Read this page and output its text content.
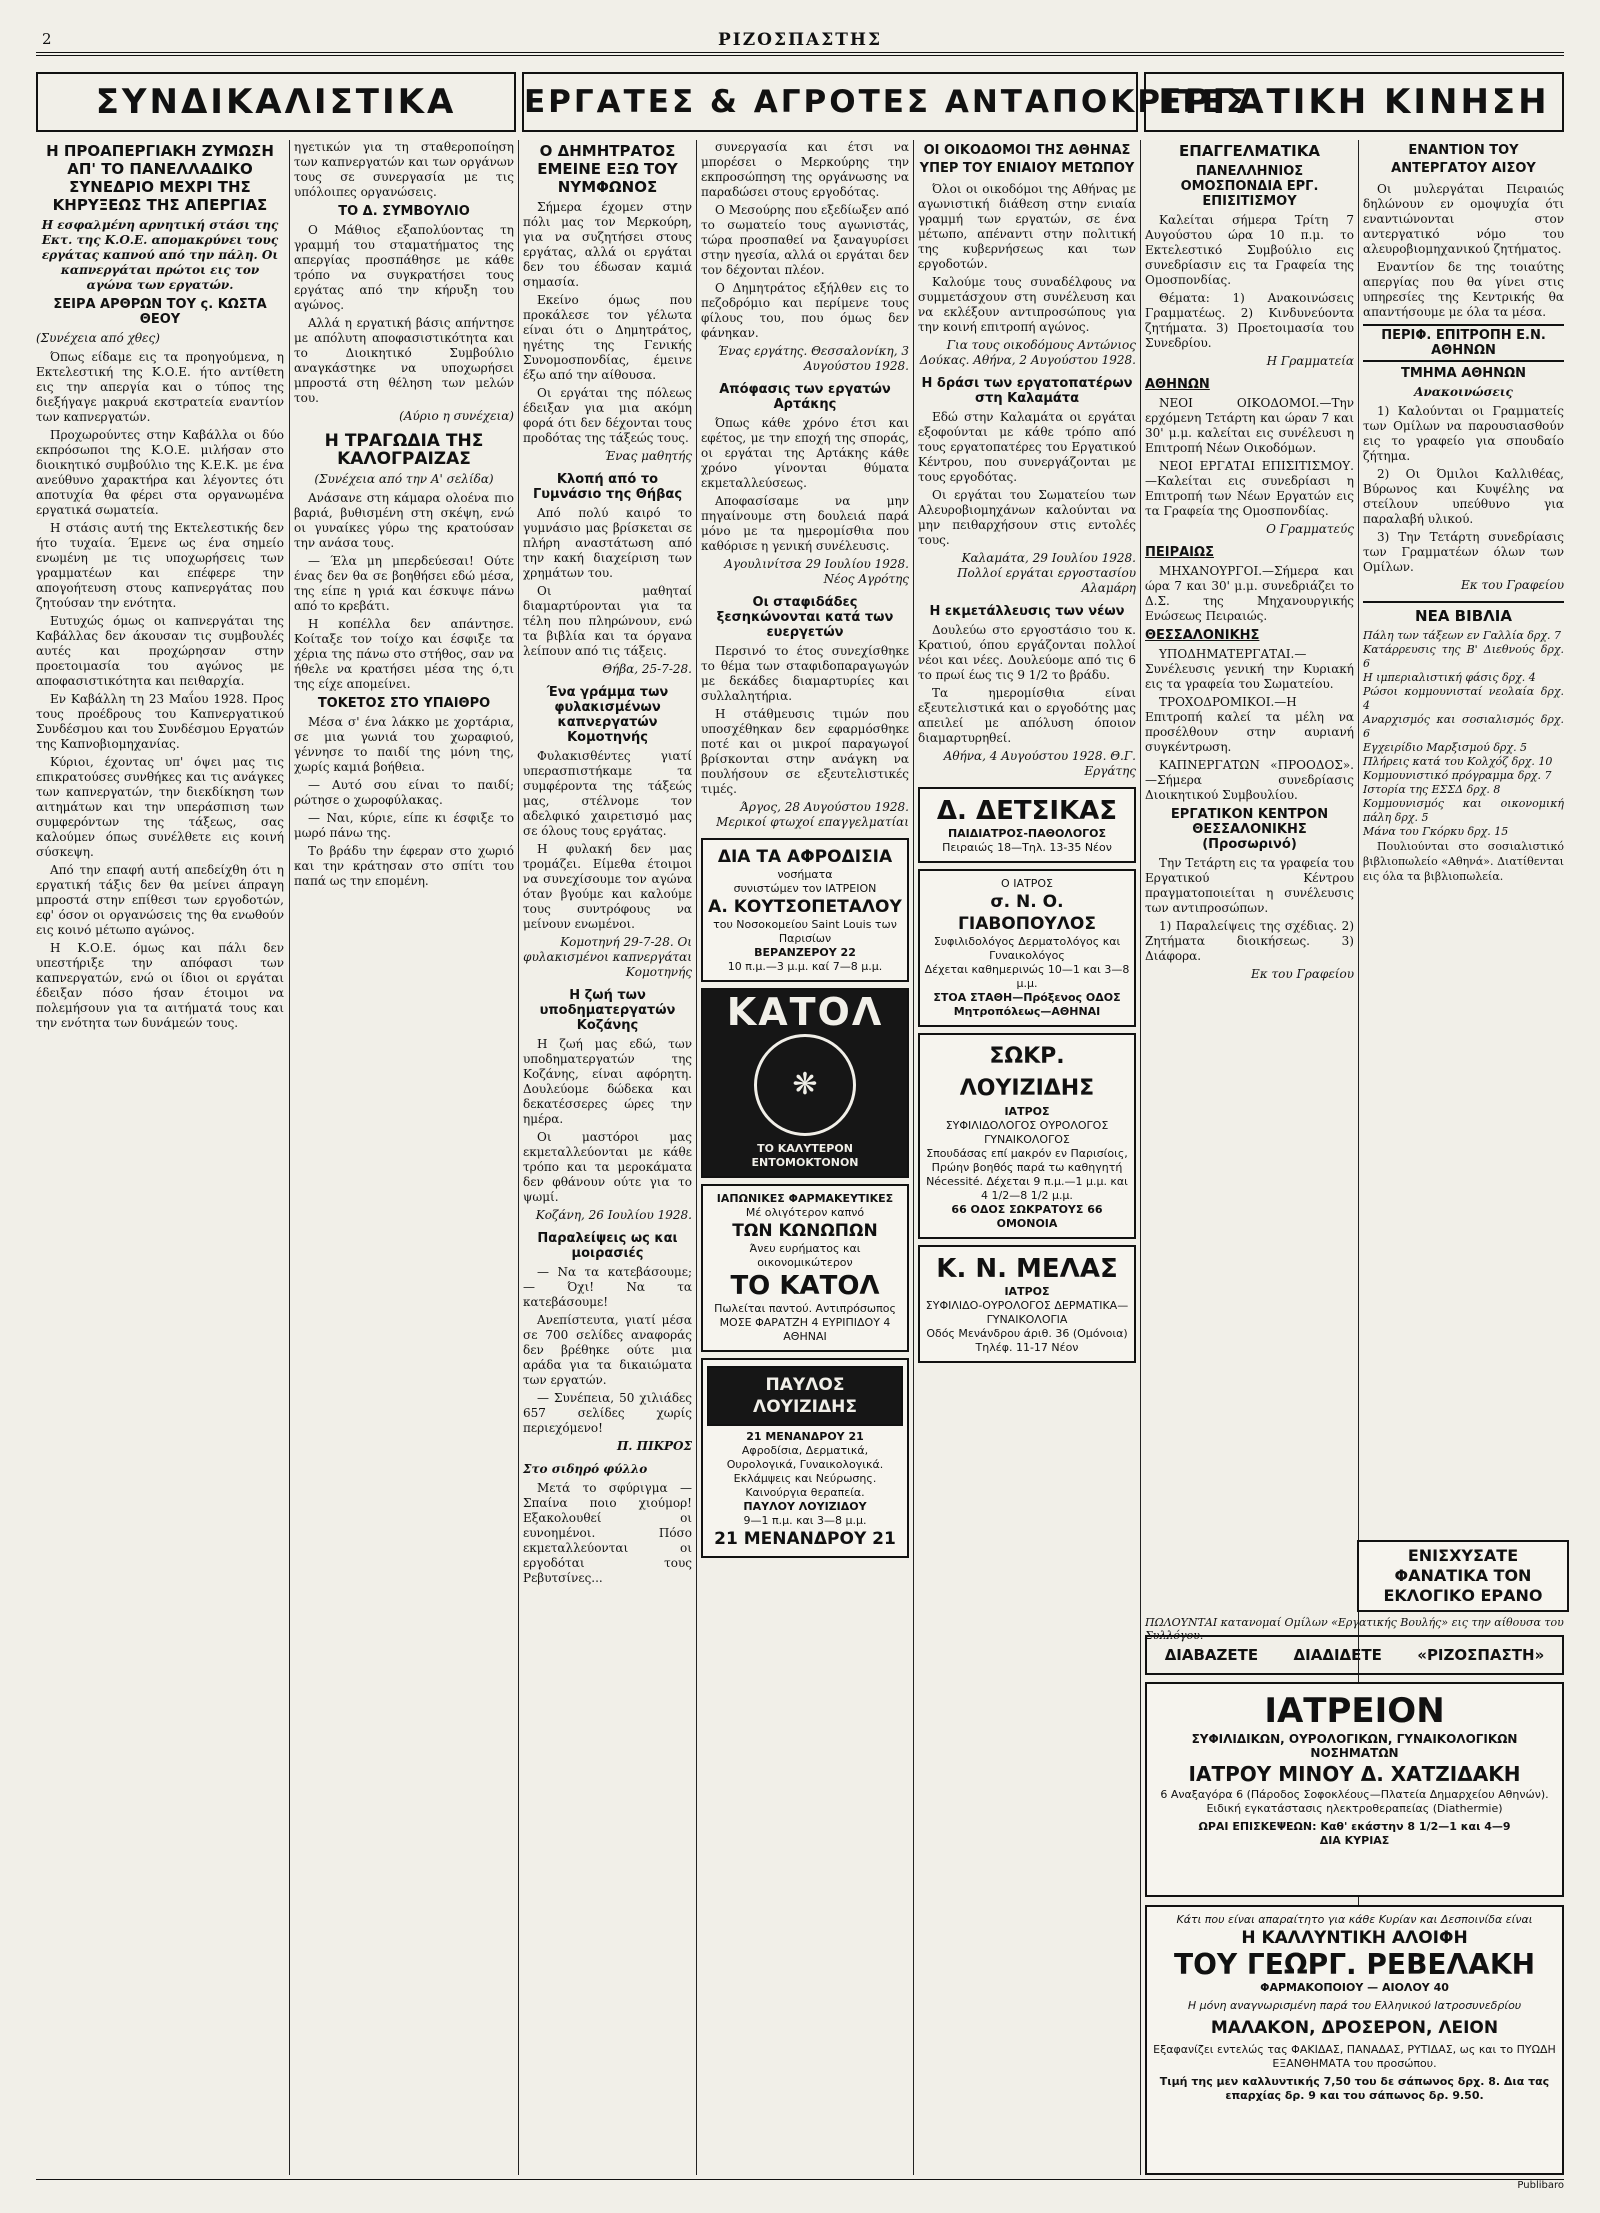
2	ΡΙΖΟΣΠΑΣΤΗΣ
ΣΥΝΔΙΚΑΛΙΣΤΙΚΑ	ΕΡΓΑΤΕΣ & ΑΓΡΟΤΕΣ ΑΝΤΑΠΟΚΡΙΤΕΣ
ΕΡΓΑΤΙΚΗ ΚΙΝΗΣΗ
Η ΠΡΟΑΠΕΡΓΙΑΚΗ ΖΥΜΩΣΗ ΑΠ' ΤΟ ΠΑΝΕΛΛΑΔΙΚΟ ΣΥΝΕΔΡΙΟ ΜΕΧΡΙ ΤΗΣ ΚΗΡΥΞΕΩΣ ΤΗΣ ΑΠΕΡΓΙΑΣ
Η εσφαλμένη αρνητική στάσι της Εκτ. της Κ.Ο.Ε. απομακρύνει τους εργάτας καπνού από την πάλη. Οι καπνεργάται πρώτοι εις τον αγώνα των εργατών.
ΣΕΙΡΑ ΑΡΘΡΩΝ ΤΟΥ ς. ΚΩΣΤΑ ΘΕΟΥ
(Συνέχεια από χθες)

Όπως είδαμε εις τα προηγούμενα, η Εκτελεστική της Κ.Ο.Ε. ήτο αντίθετη εις την απεργία και ο τύπος της διεξήγαγε μακρυά εκστρατεία εναντίον των καπνεργατών.

Προχωρούντες στην Καβάλλα οι δύο εκπρόσωποι της Κ.Ο.Ε. μιλήσαν στο διοικητικό συμβούλιο της Κ.Ε.Κ. με ένα ανεύθυνο χαρακτήρα και λέγοντες ότι αποτυχία θα φέρει στα οργανωμένα εργατικά σωματεία.

Η στάσις αυτή της Εκτελεστικής δεν ήτο τυχαία. Έμενε ως ένα σημείο ενωμένη με τις υποχωρήσεις των γραμματέων και επέφερε την απογοήτευση στους καπνεργάτας που ζητούσαν την ενότητα.

Ευτυχώς όμως οι καπνεργάται της Καβάλλας δεν άκουσαν τις συμβουλές αυτές και προχώρησαν στην προετοιμασία του αγώνος με αποφασιστικότητα και πειθαρχία.

Εν Καβάλλη τη 23 Μαΐου 1928. Προς τους προέδρους του Καπνεργατικού Συνδέσμου και του Συνδέσμου Εργατών της Καπνοβιομηχανίας.

Κύριοι, έχοντας υπ' όψει μας τις επικρατούσες συνθήκες και τις ανάγκες των καπνεργατών, την διεκδίκηση των αιτημάτων και την υπεράσπιση των συμφερόντων της τάξεως, σας καλούμεν όπως συνέλθετε εις κοινή σύσκεψη.

Από την επαφή αυτή απεδείχθη ότι η εργατική τάξις δεν θα μείνει άπραγη μπροστά στην επίθεσι των εργοδοτών, εφ' όσον οι οργανώσεις της θα ενωθούν εις κοινό μέτωπο αγώνος.

Η Κ.Ο.Ε. όμως και πάλι δεν υπεστήριξε την απόφασι των καπνεργατών, ενώ οι ίδιοι οι εργάται έδειξαν πόσο ήσαν έτοιμοι να πολεμήσουν για τα αιτήματά τους και την ενότητα των δυνάμεών τους.

ηγετικών για τη σταθεροποίηση των καπνεργατών και των οργάνων τους σε συνεργασία με τις υπόλοιπες οργανώσεις.

ΤΟ Δ. ΣΥΜΒΟΥΛΙΟ

Ο Μάθιος εξαπολύοντας τη γραμμή του σταματήματος της απεργίας προσπάθησε με κάθε τρόπο να συγκρατήσει τους εργάτας από την κήρυξη του αγώνος.

Αλλά η εργατική βάσις απήντησε με απόλυτη αποφασιστικότητα και το Διοικητικό Συμβούλιο αναγκάστηκε να υποχωρήσει μπροστά στη θέληση των μελών του.

(Αύριο η συνέχεια)
Η ΤΡΑΓΩΔΙΑ ΤΗΣ ΚΑΛΟΓΡΑΙΖΑΣ
(Συνέχεια από την Α' σελίδα)

Ανάσανε στη κάμαρα ολοένα πιο βαριά, βυθισμένη στη σκέψη, ενώ οι γυναίκες γύρω της κρατούσαν την ανάσα τους.

— Έλα μη μπερδεύεσαι! Ούτε ένας δεν θα σε βοηθήσει εδώ μέσα, της είπε η γριά και έσκυψε πάνω από το κρεβάτι.

Η κοπέλλα δεν απάντησε. Κοίταξε τον τοίχο και έσφιξε τα χέρια της πάνω στο στήθος, σαν να ήθελε να κρατήσει μέσα της ό,τι της είχε απομείνει.

ΤΟΚΕΤΟΣ ΣΤΟ ΥΠΑΙΘΡΟ

Μέσα σ' ένα λάκκο με χορτάρια, σε μια γωνιά του χωραφιού, γέννησε το παιδί της μόνη της, χωρίς καμιά βοήθεια.

— Αυτό σου είναι το παιδί; ρώτησε ο χωροφύλακας.

— Ναι, κύριε, είπε κι έσφιξε το μωρό πάνω της.

Το βράδυ την έφεραν στο χωριό και την κράτησαν στο σπίτι του παπά ως την επομένη.

Ο ΔΗΜΗΤΡΑΤΟΣ ΕΜΕΙΝΕ ΕΞΩ ΤΟΥ ΝΥΜΦΩΝΟΣ

Σήμερα έχομεν στην πόλι μας τον Μερκούρη, για να συζητήσει στους εργάτας, αλλά οι εργάται δεν του έδωσαν καμιά σημασία.

Εκείνο όμως που προκάλεσε τον γέλωτα είναι ότι ο Δημητράτος, ηγέτης της Γενικής Συνομοσπονδίας, έμεινε έξω από την αίθουσα.

Οι εργάται της πόλεως έδειξαν για μια ακόμη φορά ότι δεν δέχονται τους προδότας της τάξεώς τους.

Ένας μαθητής
Κλοπή από το Γυμνάσιο της Θήβας

Από πολύ καιρό το γυμνάσιο μας βρίσκεται σε πλήρη αναστάτωση από την κακή διαχείριση των χρημάτων του.

Οι μαθηταί διαμαρτύρονται για τα τέλη που πληρώνουν, ενώ τα βιβλία και τα όργανα λείπουν από τις τάξεις.

Θήβα, 25-7-28.
Ένα γράμμα των φυλακισμένων καπνεργατών Κομοτηνής

Φυλακισθέντες γιατί υπερασπιστήκαμε τα συμφέροντα της τάξεώς μας, στέλνομε τον αδελφικό χαιρετισμό μας σε όλους τους εργάτας.

Η φυλακή δεν μας τρομάζει. Είμεθα έτοιμοι να συνεχίσουμε τον αγώνα όταν βγούμε και καλούμε τους συντρόφους να μείνουν ενωμένοι.

Κομοτηνή 29-7-28. Οι φυλακισμένοι καπνεργάται Κομοτηνής
Η ζωή των υποδηματεργατών Κοζάνης

Η ζωή μας εδώ, των υποδηματεργατών της Κοζάνης, είναι αφόρητη. Δουλεύομε δώδεκα και δεκατέσσερες ώρες την ημέρα.

Οι μαστόροι μας εκμεταλλεύονται με κάθε τρόπο και τα μεροκάματα δεν φθάνουν ούτε για το ψωμί.

Κοζάνη, 26 Ιουλίου 1928.
Παραλείψεις ως και μοιρασιές

— Να τα κατεβάσουμε; — Όχι! Να τα κατεβάσουμε!

Ανεπίστευτα, γιατί μέσα σε 700 σελίδες αναφοράς δεν βρέθηκε ούτε μια αράδα για τα δικαιώματα των εργατών.

— Συνέπεια, 50 χιλιάδες 657 σελίδες χωρίς περιεχόμενο!

Π. ΠΙΚΡΟΣ
Στο σιδηρό φύλλο

Μετά το σφύριγμα — Σπαίνα ποιο χιούμορ! Εξακολουθεί οι ευνοημένοι. Πόσο εκμεταλλεύονται οι εργοδόται τους Ρεβυτσίνες...

συνεργασία και έτσι να μπορέσει ο Μερκούρης την εκπροσώπηση της οργάνωσης να παραδώσει στους εργοδότας.

Ο Μεσούρης που εξεδίωξεν από το σωματείο τους αγωνιστάς, τώρα προσπαθεί να ξαναγυρίσει στην ηγεσία, αλλά οι εργάται δεν τον δέχονται πλέον.

Ο Δημητράτος εξήλθεν εις το πεζοδρόμιο και περίμενε τους φίλους του, που όμως δεν φάνηκαν.

Ένας εργάτης. Θεσσαλονίκη, 3 Αυγούστου 1928.
Απόφασις των εργατών Αρτάκης

Όπως κάθε χρόνο έτσι και εφέτος, με την εποχή της σποράς, οι εργάται της Αρτάκης κάθε χρόνο γίνονται θύματα εκμεταλλεύσεως.

Αποφασίσαμε να μην πηγαίνουμε στη δουλειά παρά μόνο με τα ημερομίσθια που καθόρισε η γενική συνέλευσις.

Αγουλινίτσα 29 Ιουλίου 1928. Νέος Αγρότης
Οι σταφιδάδες ξεσηκώνονται κατά των ευεργετών

Περσινό το έτος συνεχίσθηκε το θέμα των σταφιδοπαραγωγών με δεκάδες διαμαρτυρίες και συλλαλητήρια.

Η στάθμευσις τιμών που υποσχέθηκαν δεν εφαρμόσθηκε ποτέ και οι μικροί παραγωγοί βρίσκονται στην ανάγκη να πουλήσουν σε εξευτελιστικές τιμές.

Άργος, 28 Αυγούστου 1928. Μερικοί φτωχοί επαγγελματίαι
ΔΙΑ ΤΑ ΑΦΡΟΔΙΣΙΑ
νοσήματα
συνιστώμεν τον ΙΑΤΡΕΙΟΝ
Α. ΚΟΥΤΣΟΠΕΤΑΛΟΥ
του Νοσοκομείου Saint Louis των Παρισίων
ΒΕΡΑΝΖΕΡΟΥ 22
10 π.μ.—3 μ.μ. καί 7—8 μ.μ.
ΚΑΤΟΛ
❋
ΤΟ ΚΑΛΥΤΕΡΟΝ ΕΝΤΟΜΟΚΤΟΝΟΝ
ΙΑΠΩΝΙΚΕΣ ΦΑΡΜΑΚΕΥΤΙΚΕΣ
Μέ ολιγότερον καπνό
ΤΩΝ ΚΩΝΩΠΩΝ
Άνευ ευρήματος και οικονομικώτερον
ΤΟ ΚΑΤΟΛ
Πωλείται παντού. Αντιπρόσωπος ΜΟΣΕ ΦΑΡΑΤΖΗ 4 ΕΥΡΙΠΙΔΟΥ 4 ΑΘΗΝΑΙ
ΠΑΥΛΟΣ ΛΟΥΙΖΙΔΗΣ
21 ΜΕΝΑΝΔΡΟΥ 21
Αφροδίσια, Δερματικά, Ουρολογικά, Γυναικολογικά. Εκλάμψεις και Νεύρωσης. Καινούργια θεραπεία.
ΠΑΥΛΟΥ ΛΟΥΙΖΙΔΟΥ
9—1 π.μ. και 3—8 μ.μ.
21 ΜΕΝΑΝΔΡΟΥ 21
ΟΙ ΟΙΚΟΔΟΜΟΙ ΤΗΣ ΑΘΗΝΑΣ ΥΠΕΡ ΤΟΥ ΕΝΙΑΙΟΥ ΜΕΤΩΠΟΥ

Όλοι οι οικοδόμοι της Αθήνας με αγωνιστική διάθεση στην ενιαία γραμμή των εργατών, σε ένα μέτωπο, απέναντι στην πολιτική της κυβερνήσεως και των εργοδοτών.

Καλούμε τους συναδέλφους να συμμετάσχουν στη συνέλευση και να εκλέξουν αντιπροσώπους για την κοινή επιτροπή αγώνος.

Για τους οικοδόμους Αντώνιος Δούκας. Αθήνα, 2 Αυγούστου 1928.
Η δράσι των εργατοπατέρων στη Καλαμάτα

Εδώ στην Καλαμάτα οι εργάται εξοφούνται με κάθε τρόπο από τους εργατοπατέρες του Εργατικού Κέντρου, που συνεργάζονται με τους εργοδότας.

Οι εργάται του Σωματείου των Αλευροβιομηχάνων καλούνται να μην πειθαρχήσουν στις εντολές τους.

Καλαμάτα, 29 Ιουλίου 1928. Πολλοί εργάται εργοστασίου Αλαμάρη
Η εκμετάλλευσις των νέων

Δουλεύω στο εργοστάσιο του κ. Κρατιού, όπου εργάζονται πολλοί νέοι και νέες. Δουλεύομε από τις 6 το πρωί έως τις 9 1/2 το βράδυ.

Τα ημερομίσθια είναι εξευτελιστικά και ο εργοδότης μας απειλεί με απόλυση όποιον διαμαρτυρηθεί.

Αθήνα, 4 Αυγούστου 1928. Θ.Γ. Εργάτης
Δ. ΔΕΤΣΙΚΑΣ
ΠΑΙΔΙΑΤΡΟΣ-ΠΑΘΟΛΟΓΟΣ
Πειραιώς 18—Τηλ. 13-35 Νέον
Ο ΙΑΤΡΟΣ
σ. Ν. Ο. ΓΙΑΒΟΠΟΥΛΟΣ
Συφιλιδολόγος Δερματολόγος και Γυναικολόγος
Δέχεται καθημερινώς 10—1 και 3—8 μ.μ.
ΣΤΟΑ ΣΤΑΘΗ—Πρόξενος ΟΔΟΣ Μητροπόλεως—ΑΘΗΝΑΙ
ΣΩΚΡ. ΛΟΥΙΖΙΔΗΣ
ΙΑΤΡΟΣ
ΣΥΦΙΛΙΔΟΛΟΓΟΣ ΟΥΡΟΛΟΓΟΣ ΓΥΝΑΙΚΟΛΟΓΟΣ
Σπουδάσας επί μακρόν εν Παρισίοις, Πρώην βοηθός παρά τω καθηγητή Nécessité. Δέχεται 9 π.μ.—1 μ.μ. και 4 1/2—8 1/2 μ.μ.
66 ΟΔΟΣ ΣΩΚΡΑΤΟΥΣ 66 ΟΜΟΝΟΙΑ
Κ. Ν. ΜΕΛΑΣ
ΙΑΤΡΟΣ
ΣΥΦΙΛΙΔΟ-ΟΥΡΟΛΟΓΟΣ ΔΕΡΜΑΤΙΚΑ—ΓΥΝΑΙΚΟΛΟΓΙΑ
Οδός Μενάνδρου άριθ. 36 (Ομόνοια)
Τηλέφ. 11-17 Νέον
ΕΠΑΓΓΕΛΜΑΤΙΚΑ
ΠΑΝΕΛΛΗΝΙΟΣ ΟΜΟΣΠΟΝΔΙΑ ΕΡΓ. ΕΠΙΣΙΤΙΣΜΟΥ

Καλείται σήμερα Τρίτη 7 Αυγούστου ώρα 10 π.μ. το Εκτελεστικό Συμβούλιο εις συνεδρίασιν εις τα Γραφεία της Ομοσπονδίας.

Θέματα: 1) Ανακοινώσεις Γραμματέως. 2) Κινδυνεύοντα ζητήματα. 3) Προετοιμασία του Συνεδρίου.

Η Γραμματεία
ΑΘΗΝΩΝ

ΝΕΟΙ ΟΙΚΟΔΟΜΟΙ.—Την ερχόμενη Τετάρτη και ώραν 7 και 30' μ.μ. καλείται εις συνέλευσι η Επιτροπή Νέων Οικοδόμων.

ΝΕΟΙ ΕΡΓΑΤΑΙ ΕΠΙΣΙΤΙΣΜΟΥ.—Καλείται εις συνεδρίασι η Επιτροπή των Νέων Εργατών εις τα Γραφεία της Ομοσπονδίας.

Ο Γραμματεύς
ΠΕΙΡΑΙΩΣ

ΜΗΧΑΝΟΥΡΓΟΙ.—Σήμερα και ώρα 7 και 30' μ.μ. συνεδριάζει το Δ.Σ. της Μηχανουργικής Ενώσεως Πειραιώς.

ΘΕΣΣΑΛΟΝΙΚΗΣ

ΥΠΟΔΗΜΑΤΕΡΓΑΤΑΙ.—Συνέλευσις γενική την Κυριακή εις τα γραφεία του Σωματείου.

ΤΡΟΧΟΔΡΟΜΙΚΟΙ.—Η Επιτροπή καλεί τα μέλη να προσέλθουν στην αυριανή συγκέντρωση.

ΚΑΠΝΕΡΓΑΤΩΝ «ΠΡΟΟΔΟΣ».—Σήμερα συνεδρίασις Διοικητικού Συμβουλίου.

ΕΡΓΑΤΙΚΟΝ ΚΕΝΤΡΟΝ ΘΕΣΣΑΛΟΝΙΚΗΣ (Προσωρινό)

Την Τετάρτη εις τα γραφεία του Εργατικού Κέντρου πραγματοποιείται η συνέλευσις των αντιπροσώπων.

1) Παραλείψεις της σχέδιας. 2) Ζητήματα διοικήσεως. 3) Διάφορα.

Εκ του Γραφείου
ΕΝΑΝΤΙΟΝ ΤΟΥ ΑΝΤΕΡΓΑΤΟΥ ΑΙΣΟΥ

Οι μυλεργάται Πειραιώς δηλώνουν εν ομοψυχία ότι εναντιώνονται στον αντεργατικό νόμο του αλευροβιομηχανικού ζητήματος.

Εναντίον δε της τοιαύτης απεργίας που θα γίνει στις υπηρεσίες της Κεντρικής θα απαντήσουμε με όλα τα μέσα.

ΠΕΡΙΦ. ΕΠΙΤΡΟΠΗ Ε.Ν. ΑΘΗΝΩΝ
ΤΜΗΜΑ ΑΘΗΝΩΝ
Ανακοινώσεις

1) Καλούνται οι Γραμματείς των Ομίλων να παρουσιασθούν εις το γραφείο για σπουδαίο ζήτημα.

2) Οι Όμιλοι Καλλιθέας, Βύρωνος και Κυψέλης να στείλουν υπεύθυνο για παραλαβή υλικού.

3) Την Τετάρτη συνεδρίασις των Γραμματέων όλων των Ομίλων.

Εκ του Γραφείου
ΝΕΑ ΒΙΒΛΙΑ
Πάλη των τάξεων εν Γαλλία δρχ. 7
Κατάρρευσις της Β' Διεθνούς δρχ. 6
Η ιμπεριαλιστική φάσις δρχ. 4
Ρώσοι κομμουνισταί νεολαία δρχ. 4
Αναρχισμός και σοσιαλισμός δρχ. 6
Εγχειρίδιο Μαρξισμού δρχ. 5
Πλήρεις κατά του Κολχόζ δρχ. 10
Κομμουνιστικό πρόγραμμα δρχ. 7
Ιστορία της ΕΣΣΔ δρχ. 8
Κομμουνισμός και οικονομική πάλη δρχ. 5
Μάνα του Γκόρκυ δρχ. 15

Πουλιούνται στο σοσιαλιστικό βιβλιοπωλείο «Αθηνά». Διατίθενται εις όλα τα βιβλιοπωλεία.

ΕΝΙΣΧΥΣΑΤΕ ΦΑΝΑΤΙΚΑ ΤΟΝ ΕΚΛΟΓΙΚΟ ΕΡΑΝΟ
ΠΩΛΟΥΝΤΑΙ κατανομαί Ομίλων «Εργατικής Βουλής» εις την αίθουσα του Συλλόγου.
ΔΙΑΒΑΖΕΤΕ ΔΙΑΔΙΔΕΤΕ «ΡΙΖΟΣΠΑΣΤΗ»
ΙΑΤΡΕΙΟΝ
ΣΥΦΙΛΙΔΙΚΩΝ, ΟΥΡΟΛΟΓΙΚΩΝ, ΓΥΝΑΙΚΟΛΟΓΙΚΩΝ ΝΟΣΗΜΑΤΩΝ
ΙΑΤΡΟΥ ΜΙΝΟΥ Δ. ΧΑΤΖΙΔΑΚΗ
6 Αναξαγόρα 6 (Πάροδος Σοφοκλέους—Πλατεία Δημαρχείου Αθηνών). Ειδική εγκατάστασις ηλεκτροθεραπείας (Diathermie)
ΩΡΑΙ ΕΠΙΣΚΕΨΕΩΝ: Καθ' εκάστην 8 1/2—1 και 4—9
ΔΙΑ ΚΥΡΙΑΣ
Κάτι που είναι απαραίτητο για κάθε Κυρίαν και Δεσποινίδα είναι
Η ΚΑΛΛΥΝΤΙΚΗ ΑΛΟΙΦΗ
ΤΟΥ ΓΕΩΡΓ. ΡΕΒΕΛΑΚΗ
ΦΑΡΜΑΚΟΠΟΙΟΥ — ΑΙΟΛΟΥ 40
Η μόνη αναγνωρισμένη παρά του Ελληνικού Ιατροσυνεδρίου
ΜΑΛΑΚΟΝ, ΔΡΟΣΕΡΟΝ, ΛΕΙΟΝ
Εξαφανίζει εντελώς τας ΦΑΚΙΔΑΣ, ΠΑΝΑΔΑΣ, ΡΥΤΙΔΑΣ, ως και το ΠΥΩΔΗ ΕΞΑΝΘΗΜΑΤΑ του προσώπου.
Τιμή της μεν καλλυντικής 7,50 του δε σάπωνος δρχ. 8. Δια τας επαρχίας δρ. 9 και του σάπωνος δρ. 9.50.
Publibaro
